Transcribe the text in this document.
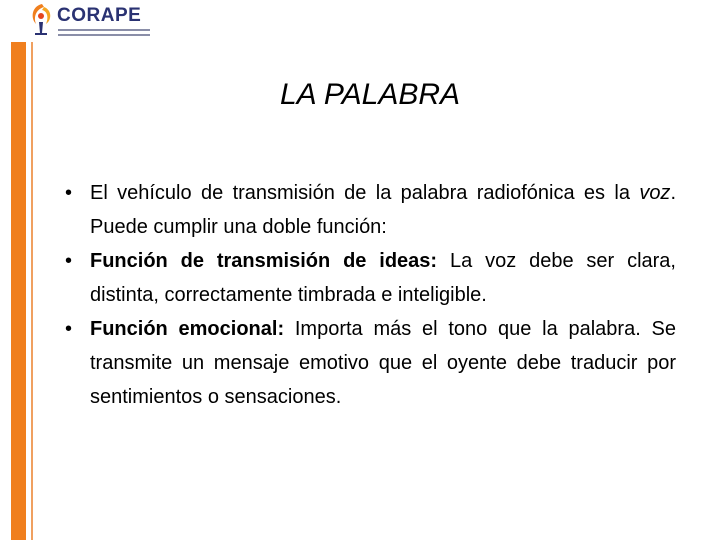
CORAPE
LA PALABRA
• El vehículo de transmisión de la palabra radiofónica es la voz. Puede cumplir una doble función:
• Función de transmisión de ideas: La voz debe ser clara, distinta, correctamente timbrada e inteligible.
• Función emocional: Importa más el tono que la palabra. Se transmite un mensaje emotivo que el oyente debe traducir por sentimientos o sensaciones.
